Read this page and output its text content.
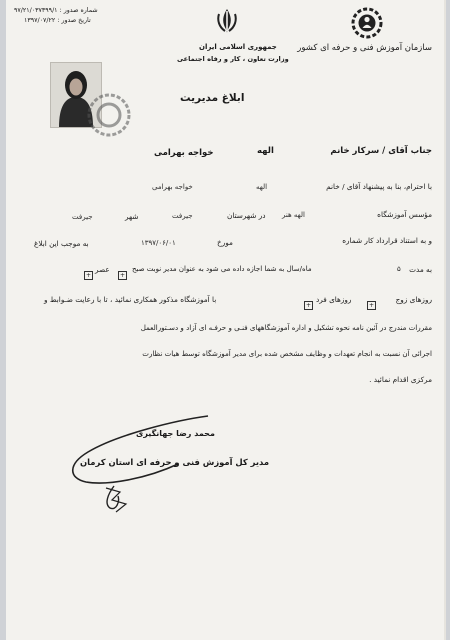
سازمان آموزش فنی و حرفه ای کشور
جمهوری اسلامی ایران
وزارت تعاون ، کار و رفاه اجتماعی
شماره صدور : ۹۷/۲۱/۰۳۷۳۹۹/۱
تاریخ صدور : ۱۳۹۷/۰۷/۲۲
ابلاغ مدیریت
جناب آقای / سرکار خانم
الهه
خواجه بهرامی
با احترام، بنا به پیشنهاد آقای / خانم
الهه
خواجه بهرامی
مؤسس آموزشگاه
الهه هنر
در شهرستان
جیرفت
شهر
جیرفت
و به استناد قرارداد کار شماره
مورخ
۱۳۹۷/۰۶/۰۱
به موجب این ابلاغ
به مدت
۵
ماه/سال به شما اجازه داده می شود به عنوان مدیر نوبت صبح
+
عصر
+
روزهای زوج
+
روزهای فرد
+
با آموزشگاه مذکور همکاری نمائید ، تا با رعایت ضـوابط و
مقررات مندرج در آئین نامه نحوه تشکیل و اداره آموزشگاههای فنـی و حرفـه ای آزاد و دسـتورالعمل
اجرائی آن نسبت به انجام تعهدات و وظایف مشخص شده برای مدیر آموزشگاه توسط هیات نظارت
مرکزی اقدام نمائید .
محمد رضا جهانگیری
مدیر کل آموزش فنی و حرفه ای استان کرمان
